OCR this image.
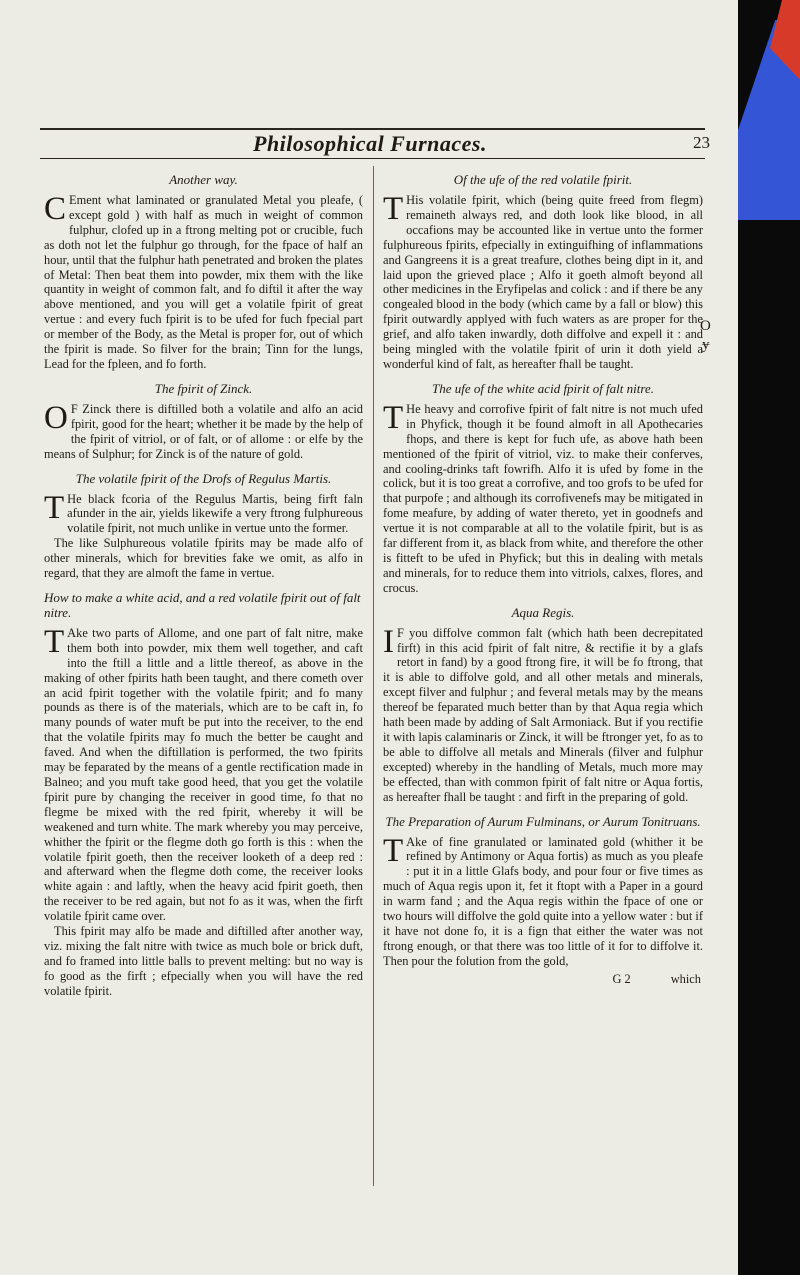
Philosophical Furnaces.	23
O
ɏ
Another way.
C Ement what laminated or granulated Metal you pleafe, ( except gold ) with half as much in weight of common fulphur, clofed up in a ftrong melting pot or crucible, fuch as doth not let the fulphur go through, for the fpace of half an hour, until that the fulphur hath penetrated and broken the plates of Metal: Then beat them into powder, mix them with the like quantity in weight of common falt, and fo diftil it after the way above mentioned, and you will get a volatile fpirit of great vertue : and every fuch fpirit is to be ufed for fuch fpecial part or member of the Body, as the Metal is proper for, out of which the fpirit is made. So filver for the brain; Tinn for the lungs, Lead for the fpleen, and fo forth.
The fpirit of Zinck.
O F Zinck there is diftilled both a volatile and alfo an acid fpirit, good for the heart; whether it be made by the help of the fpirit of vitriol, or of falt, or of allome : or elfe by the means of Sulphur; for Zinck is of the nature of gold.
The volatile fpirit of the Drofs of Regulus Martis.
T He black fcoria of the Regulus Martis, being firft faln afunder in the air, yields likewife a very ftrong fulphureous volatile fpirit, not much unlike in vertue unto the former.
The like Sulphureous volatile fpirits may be made alfo of other minerals, which for brevities fake we omit, as alfo in regard, that they are almoft the fame in vertue.
How to make a white acid, and a red volatile fpirit out of falt nitre.
T Ake two parts of Allome, and one part of falt nitre, make them both into powder, mix them well together, and caft into the ftill a little and a little thereof, as above in the making of other fpirits hath been taught, and there cometh over an acid fpirit together with the volatile fpirit; and fo many pounds as there is of the materials, which are to be caft in, fo many pounds of water muft be put into the receiver, to the end that the volatile fpirits may fo much the better be caught and faved. And when the diftillation is performed, the two fpirits may be feparated by the means of a gentle rectification made in Balneo; and you muft take good heed, that you get the volatile fpirit pure by changing the receiver in good time, fo that no flegme be mixed with the red fpirit, whereby it will be weakened and turn white. The mark whereby you may perceive, whither the fpirit or the flegme doth go forth is this : when the volatile fpirit goeth, then the receiver looketh of a deep red : and afterward when the flegme doth come, the receiver looks white again : and laftly, when the heavy acid fpirit goeth, then the receiver to be red again, but not fo as it was, when the firft volatile fpirit came over.
This fpirit may alfo be made and diftilled after another way, viz. mixing the falt nitre with twice as much bole or brick duft, and fo framed into little balls to prevent melting: but no way is fo good as the firft ; efpecially when you will have the red volatile fpirit.
Of the ufe of the red volatile fpirit.
T His volatile fpirit, which (being quite freed from flegm) remaineth always red, and doth look like blood, in all occafions may be accounted like in vertue unto the former fulphureous fpirits, efpecially in extinguifhing of inflammations and Gangreens it is a great treafure, clothes being dipt in it, and laid upon the grieved place ; Alfo it goeth almoft beyond all other medicines in the Eryfipelas and colick : and if there be any congealed blood in the body (which came by a fall or blow) this fpirit outwardly applyed with fuch waters as are proper for the grief, and alfo taken inwardly, doth diffolve and expell it : and being mingled with the volatile fpirit of urin it doth yield a wonderful kind of falt, as hereafter fhall be taught.
The ufe of the white acid fpirit of falt nitre.
T He heavy and corrofive fpirit of falt nitre is not much ufed in Phyfick, though it be found almoft in all Apothecaries fhops, and there is kept for fuch ufe, as above hath been mentioned of the fpirit of vitriol, viz. to make their conferves, and cooling-drinks taft fowrifh. Alfo it is ufed by fome in the colick, but it is too great a corrofive, and too grofs to be ufed for that purpofe ; and although its corrofivenefs may be mitigated in fome meafure, by adding of water thereto, yet in goodnefs and vertue it is not comparable at all to the volatile fpirit, but is as far different from it, as black from white, and therefore the other is fitteft to be ufed in Phyfick; but this in dealing with metals and minerals, for to reduce them into vitriols, calxes, flores, and crocus.
Aqua Regis.
I F you diffolve common falt (which hath been decrepitated firft) in this acid fpirit of falt nitre, & rectifie it by a glafs retort in fand) by a good ftrong fire, it will be fo ftrong, that it is able to diffolve gold, and all other metals and minerals, except filver and fulphur ; and feveral metals may by the means thereof be feparated much better than by that Aqua regia which hath been made by adding of Salt Armoniack. But if you rectifie it with lapis calaminaris or Zinck, it will be ftronger yet, fo as to be able to diffolve all metals and Minerals (filver and fulphur excepted) whereby in the handling of Metals, much more may be effected, than with common fpirit of falt nitre or Aqua fortis, as hereafter fhall be taught : and firft in the preparing of gold.
The Preparation of Aurum Fulminans, or Aurum Tonitruans.
T Ake of fine granulated or laminated gold (whither it be refined by Antimony or Aqua fortis) as much as you pleafe : put it in a little Glafs body, and pour four or five times as much of Aqua regis upon it, fet it ftopt with a Paper in a gourd in warm fand ; and the Aqua regis within the fpace of one or two hours will diffolve the gold quite into a yellow water : but if it have not done fo, it is a fign that either the water was not ftrong enough, or that there was too little of it for to diffolve it. Then pour the folution from the gold,
G 2	which
